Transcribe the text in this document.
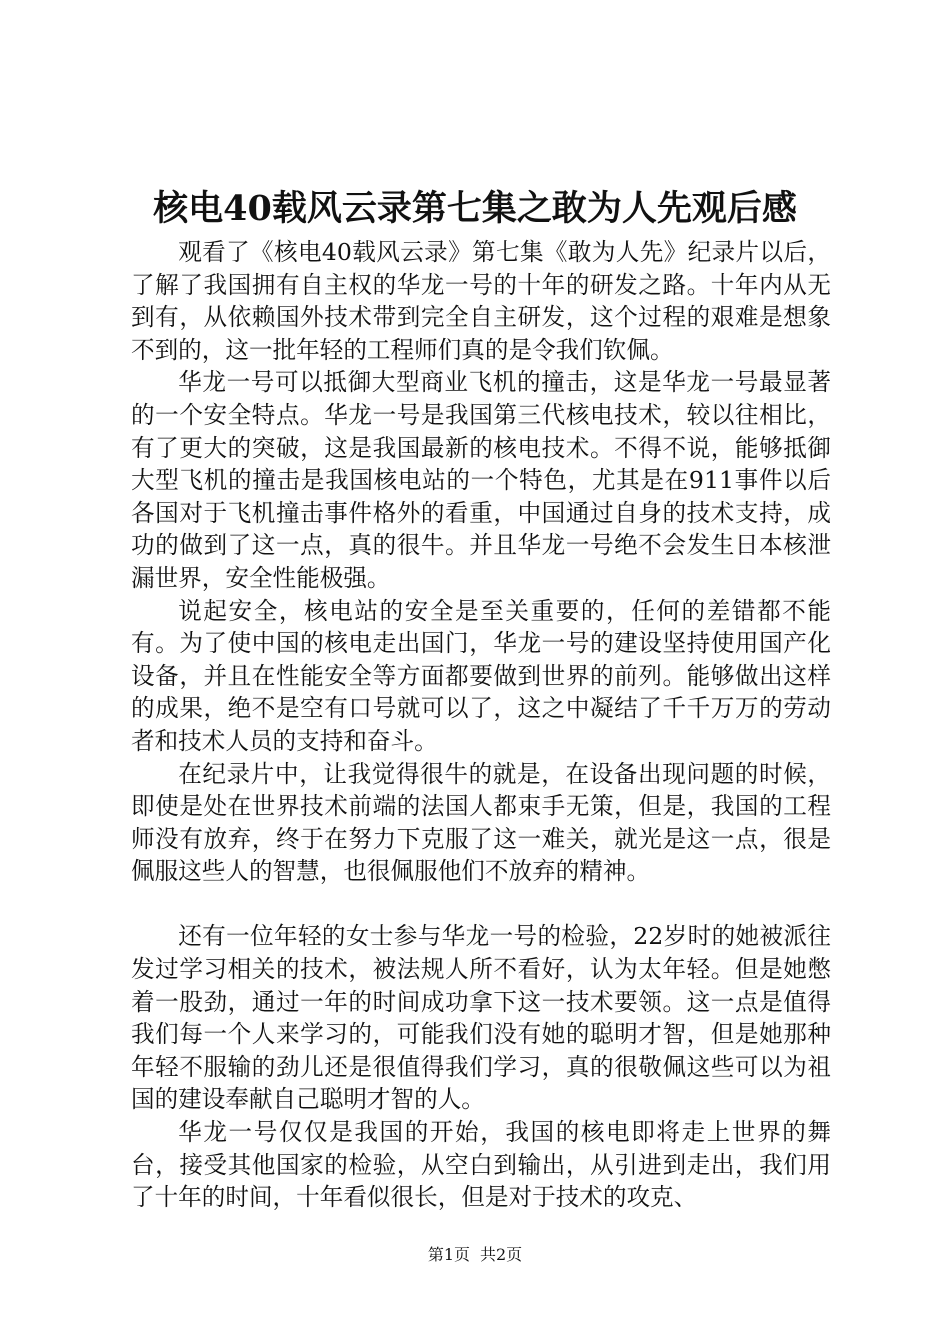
核电40载风云录第七集之敢为人先观后感

观看了《核电40载风云录》第七集《敢为人先》纪录片以后，了解了我国拥有自主权的华龙一号的十年的研发之路。十年内从无到有，从依赖国外技术带到完全自主研发，这个过程的艰难是想象不到的，这一批年轻的工程师们真的是令我们钦佩。

华龙一号可以抵御大型商业飞机的撞击，这是华龙一号最显著的一个安全特点。华龙一号是我国第三代核电技术，较以往相比，有了更大的突破，这是我国最新的核电技术。不得不说，能够抵御大型飞机的撞击是我国核电站的一个特色，尤其是在911事件以后各国对于飞机撞击事件格外的看重，中国通过自身的技术支持，成功的做到了这一点，真的很牛。并且华龙一号绝不会发生日本核泄漏世界，安全性能极强。

说起安全，核电站的安全是至关重要的，任何的差错都不能有。为了使中国的核电走出国门，华龙一号的建设坚持使用国产化设备，并且在性能安全等方面都要做到世界的前列。能够做出这样的成果，绝不是空有口号就可以了，这之中凝结了千千万万的劳动者和技术人员的支持和奋斗。

在纪录片中，让我觉得很牛的就是，在设备出现问题的时候，即使是处在世界技术前端的法国人都束手无策，但是，我国的工程师没有放弃，终于在努力下克服了这一难关，就光是这一点，很是佩服这些人的智慧，也很佩服他们不放弃的精神。

还有一位年轻的女士参与华龙一号的检验，22岁时的她被派往发过学习相关的技术，被法规人所不看好，认为太年轻。但是她憋着一股劲，通过一年的时间成功拿下这一技术要领。这一点是值得我们每一个人来学习的，可能我们没有她的聪明才智，但是她那种年轻不服输的劲儿还是很值得我们学习，真的很敬佩这些可以为祖国的建设奉献自己聪明才智的人。

华龙一号仅仅是我国的开始，我国的核电即将走上世界的舞台，接受其他国家的检验，从空白到输出，从引进到走出，我们用了十年的时间，十年看似很长，但是对于技术的攻克、

第1页 共2页
